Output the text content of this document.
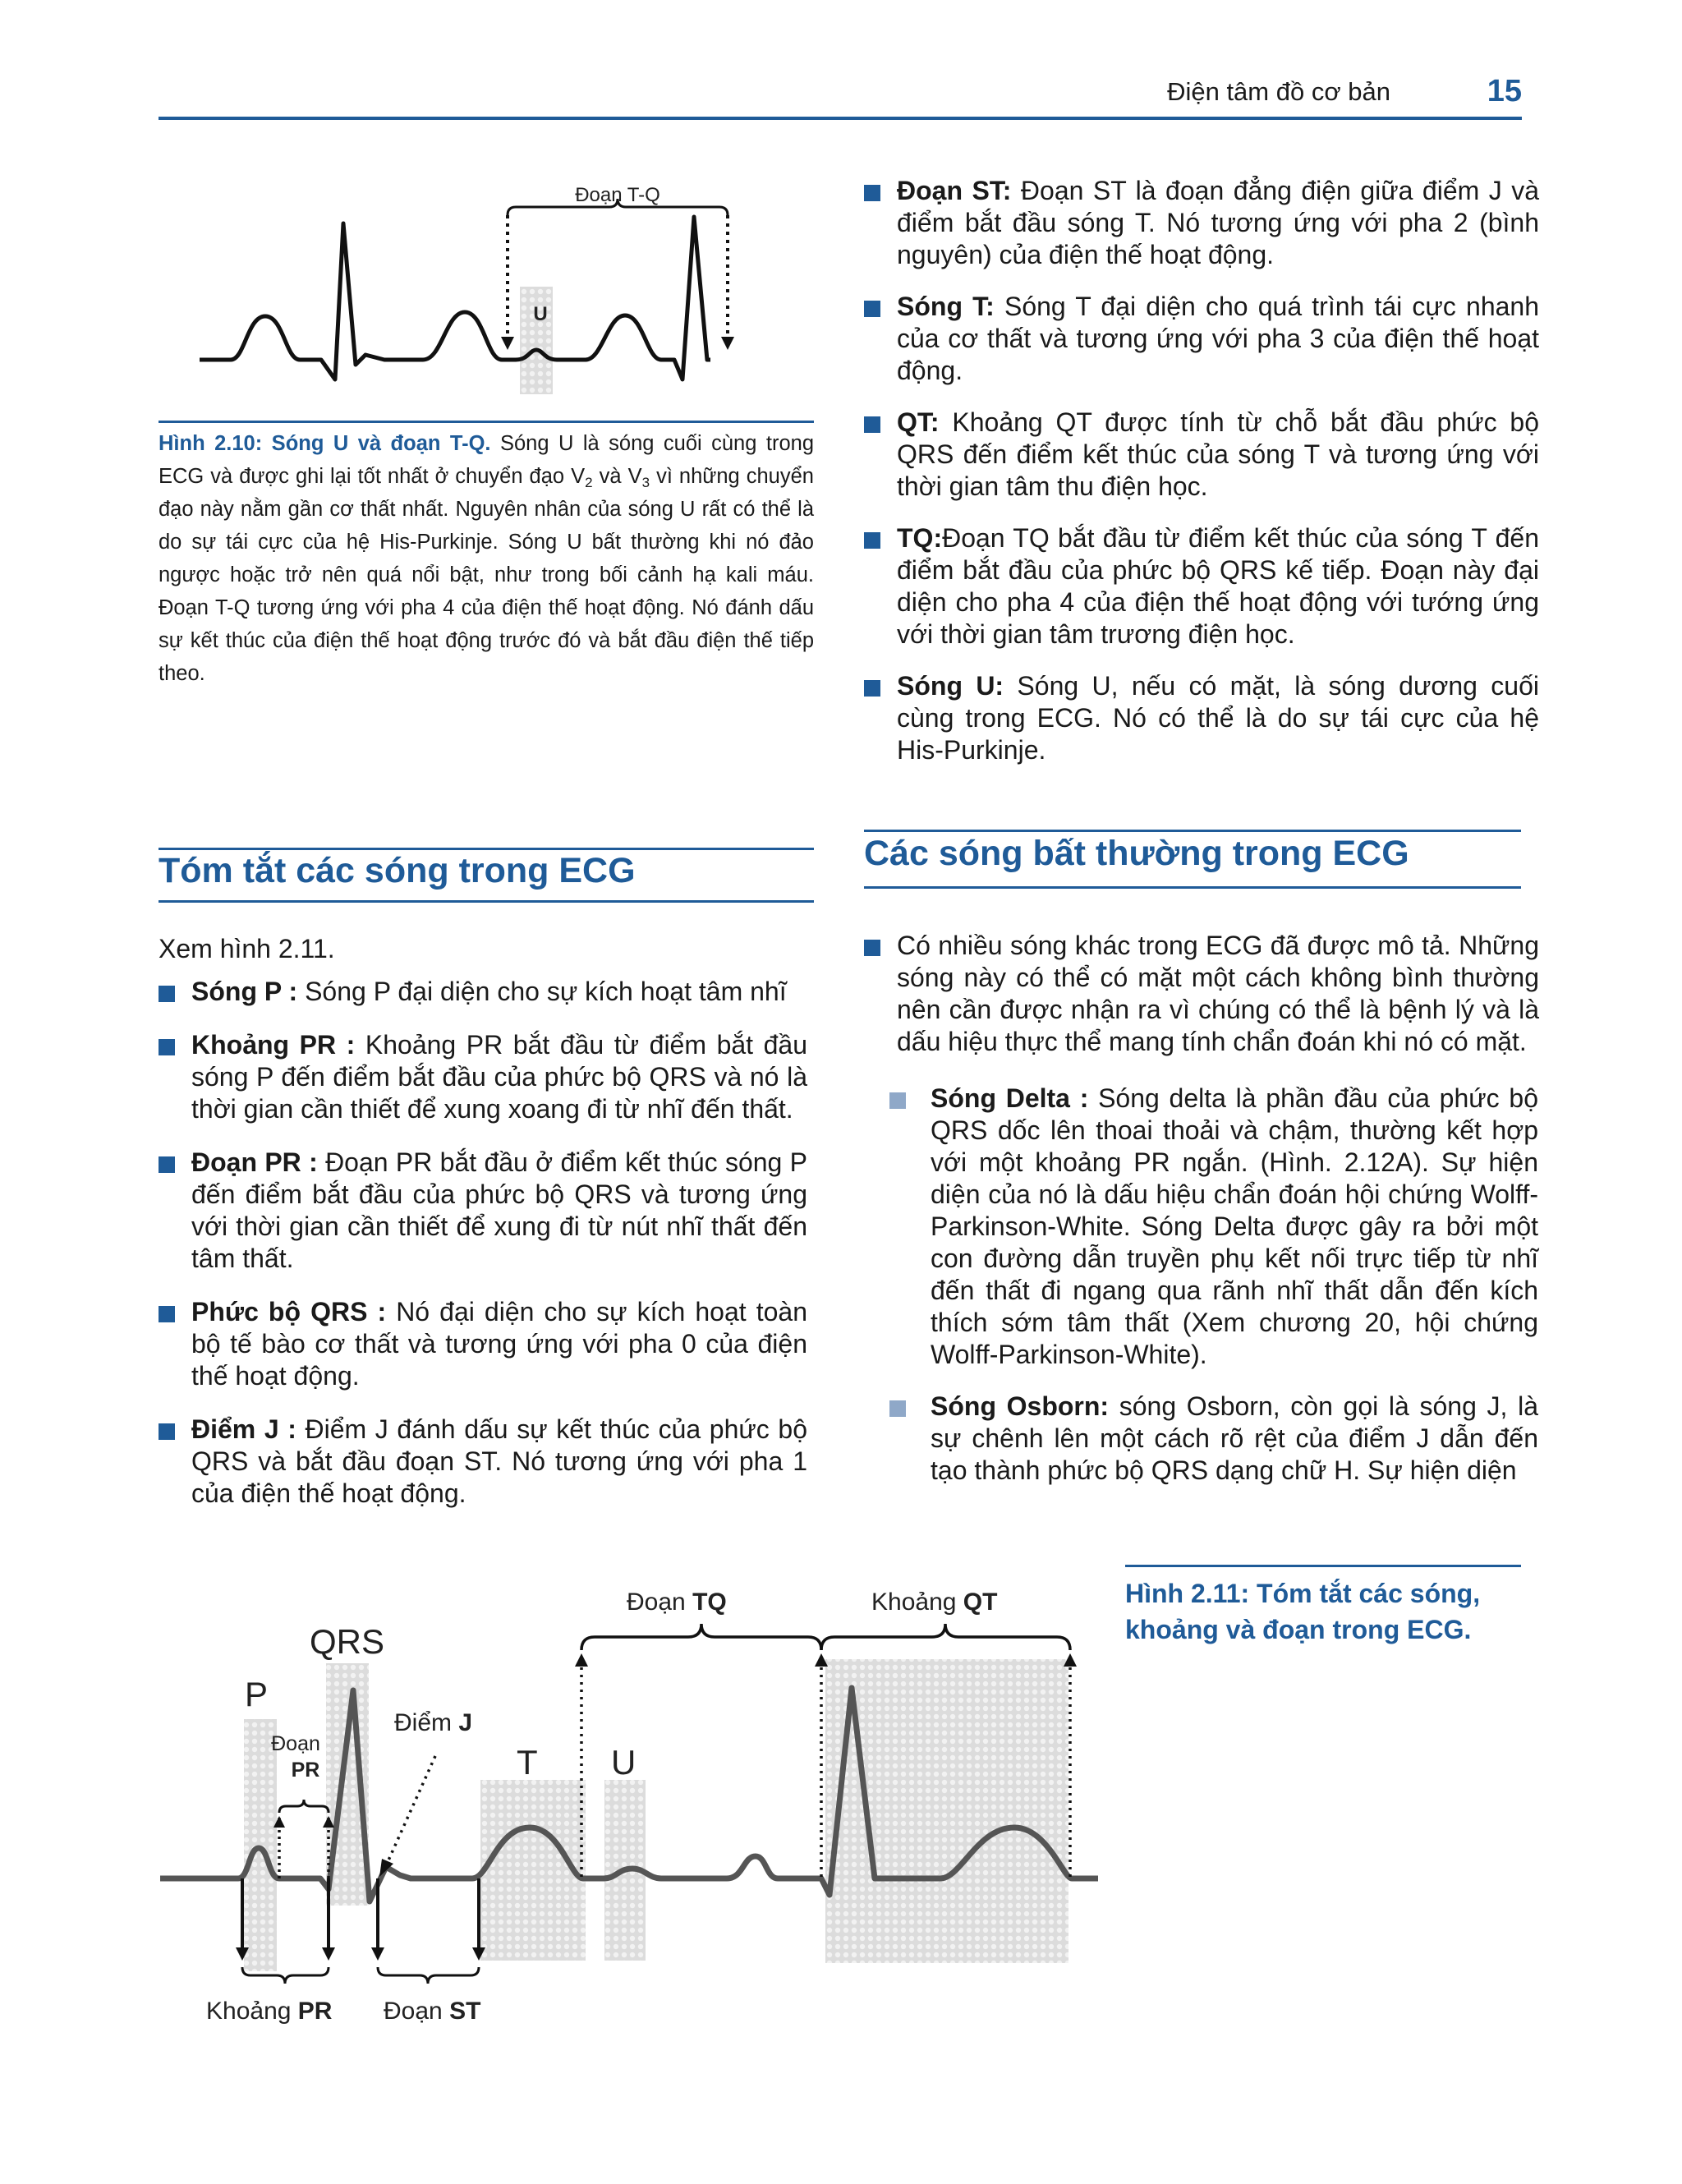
Điện tâm đồ cơ bản	15
Đoạn T-Q
U
Hình 2.10: Sóng U và đoạn T-Q. Sóng U là sóng cuối cùng trong ECG và được ghi lại tốt nhất ở chuyển đạo $V_2$ và $V_3$ vì những chuyển đạo này nằm gần cơ thất nhất. Nguyên nhân của sóng U rất có thể là do sự tái cực của hệ His-Purkinje. Sóng U bất thường khi nó đảo ngược hoặc trở nên quá nổi bật, như trong bối cảnh hạ kali máu. Đoạn T-Q tương ứng với pha 4 của điện thế hoạt động. Nó đánh dấu sự kết thúc của điện thế hoạt động trước đó và bắt đầu điện thế tiếp theo.
Đoạn ST: Đoạn ST là đoạn đẳng điện giữa điểm J và điểm bắt đầu sóng T. Nó tương ứng với pha 2 (bình nguyên) của điện thế hoạt động.
Sóng T: Sóng T đại diện cho quá trình tái cực nhanh của cơ thất và tương ứng với pha 3 của điện thế hoạt động.
QT: Khoảng QT được tính từ chỗ bắt đầu phức bộ QRS đến điểm kết thúc của sóng T và tương ứng với thời gian tâm thu điện học.
TQ:Đoạn TQ bắt đầu từ điểm kết thúc của sóng T đến điểm bắt đầu của phức bộ QRS kế tiếp. Đoạn này đại diện cho pha 4 của điện thế hoạt động với tướng ứng với thời gian tâm trương điện học.
Sóng U: Sóng U, nếu có mặt, là sóng dương cuối cùng trong ECG. Nó có thể là do sự tái cực của hệ His-Purkinje.
Tóm tắt các sóng trong ECG
Xem hình 2.11.
Sóng P : Sóng P đại diện cho sự kích hoạt tâm nhĩ
Khoảng PR : Khoảng PR bắt đầu từ điểm bắt đầu sóng P đến điểm bắt đầu của phức bộ QRS và nó là thời gian cần thiết để xung xoang đi từ nhĩ đến thất.
Đoạn PR : Đoạn PR bắt đầu ở điểm kết thúc sóng P đến điểm bắt đầu của phức bộ QRS và tương ứng với thời gian cần thiết để xung đi từ nút nhĩ thất đến tâm thất.
Phức bộ QRS : Nó đại diện cho sự kích hoạt toàn bộ tế bào cơ thất và tương ứng với pha 0 của điện thế hoạt động.
Điểm J : Điểm J đánh dấu sự kết thúc của phức bộ QRS và bắt đầu đoạn ST. Nó tương ứng với pha 1 của điện thế hoạt động.
Các sóng bất thường trong ECG
Có nhiều sóng khác trong ECG đã được mô tả. Những sóng này có thể có mặt một cách không bình thường nên cần được nhận ra vì chúng có thể là bệnh lý và là dấu hiệu thực thể mang tính chẩn đoán khi nó có mặt.
Sóng Delta : Sóng delta là phần đầu của phức bộ QRS dốc lên thoai thoải và chậm, thường kết hợp với một khoảng PR ngắn. (Hình. 2.12A). Sự hiện diện của nó là dấu hiệu chẩn đoán hội chứng Wolff-Parkinson-White. Sóng Delta được gây ra bởi một con đường dẫn truyền phụ kết nối trực tiếp từ nhĩ đến thất đi ngang qua rãnh nhĩ thất dẫn đến kích thích sớm tâm thất (Xem chương 20, hội chứng Wolff-Parkinson-White).
Sóng Osborn: sóng Osborn, còn gọi là sóng J, là sự chênh lên một cách rõ rệt của điểm J dẫn đến tạo thành phức bộ QRS dạng chữ H. Sự hiện diện
P
QRS
T U
Đoạn
PR
Điểm J
Đoạn TQ	Khoảng QT
Khoảng PR Đoạn ST
Hình 2.11: Tóm tắt các sóng, khoảng và đoạn trong ECG.
